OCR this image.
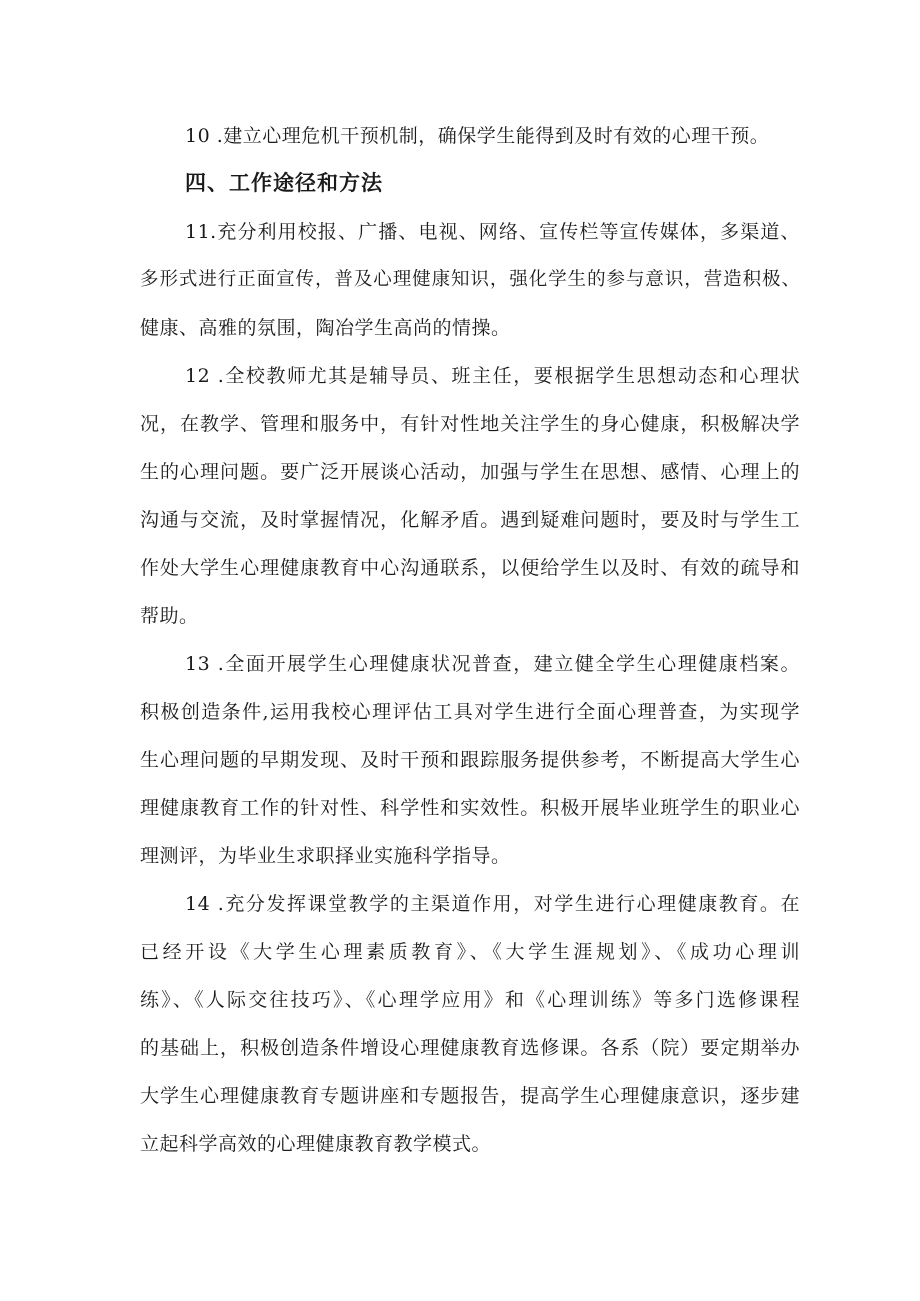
10 .建立心理危机干预机制，确保学生能得到及时有效的心理干预。
四、工作途径和方法
11.充分利用校报、广播、电视、网络、宣传栏等宣传媒体，多渠道、
多形式进行正面宣传，普及心理健康知识，强化学生的参与意识，营造积极、
健康、高雅的氛围，陶冶学生高尚的情操。
12 .全校教师尤其是辅导员、班主任，要根据学生思想动态和心理状
况，在教学、管理和服务中，有针对性地关注学生的身心健康，积极解决学
生的心理问题。要广泛开展谈心活动，加强与学生在思想、感情、心理上的
沟通与交流，及时掌握情况，化解矛盾。遇到疑难问题时，要及时与学生工
作处大学生心理健康教育中心沟通联系，以便给学生以及时、有效的疏导和
帮助。
13 .全面开展学生心理健康状况普查，建立健全学生心理健康档案。
积极创造条件,运用我校心理评估工具对学生进行全面心理普查，为实现学
生心理问题的早期发现、及时干预和跟踪服务提供参考，不断提高大学生心
理健康教育工作的针对性、科学性和实效性。积极开展毕业班学生的职业心
理测评，为毕业生求职择业实施科学指导。
14 .充分发挥课堂教学的主渠道作用，对学生进行心理健康教育。在
已经开设《大学生心理素质教育》、《大学生涯规划》、《成功心理训
练》、《人际交往技巧》、《心理学应用》和《心理训练》等多门选修课程
的基础上，积极创造条件增设心理健康教育选修课。各系（院）要定期举办
大学生心理健康教育专题讲座和专题报告，提高学生心理健康意识，逐步建
立起科学高效的心理健康教育教学模式。
